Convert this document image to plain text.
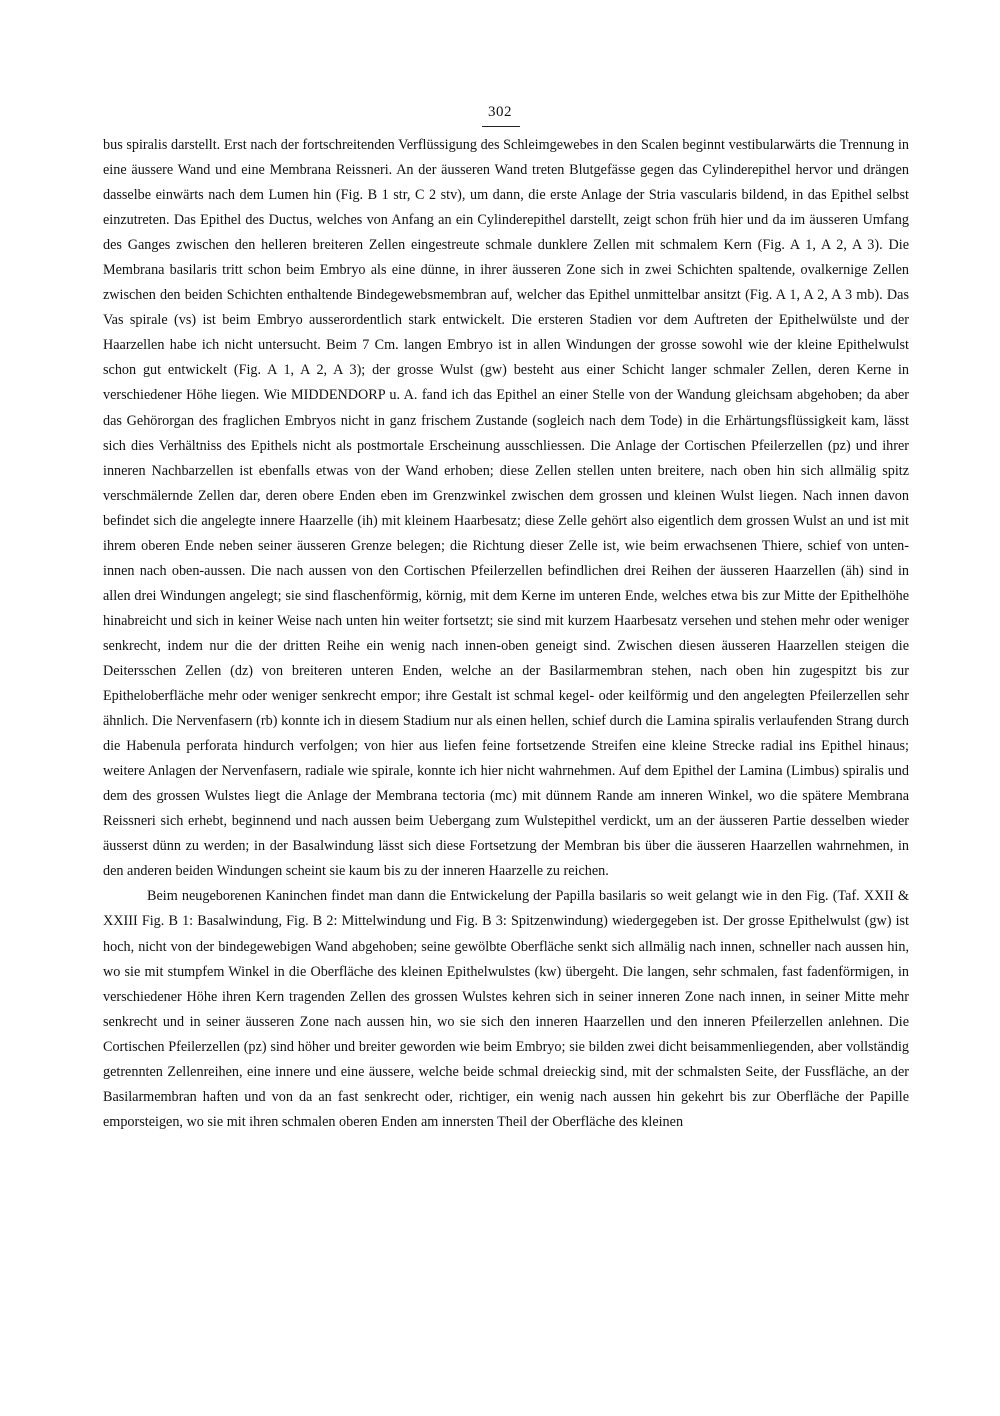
302

bus spiralis darstellt. Erst nach der fortschreitenden Verflüssigung des Schleimgewebes in den Scalen beginnt vestibularwärts die Trennung in eine äussere Wand und eine Membrana Reissneri. An der äusseren Wand treten Blutgefässe gegen das Cylinderepithel hervor und drängen dasselbe einwärts nach dem Lumen hin (Fig. B 1 str, C 2 stv), um dann, die erste Anlage der Stria vascularis bildend, in das Epithel selbst einzutreten. Das Epithel des Ductus, welches von Anfang an ein Cylinderepithel darstellt, zeigt schon früh hier und da im äusseren Umfang des Ganges zwischen den helleren breiteren Zellen eingestreute schmale dunklere Zellen mit schmalem Kern (Fig. A 1, A 2, A 3). Die Membrana basilaris tritt schon beim Embryo als eine dünne, in ihrer äusseren Zone sich in zwei Schichten spaltende, ovalkernige Zellen zwischen den beiden Schichten enthaltende Bindegewebsmembran auf, welcher das Epithel unmittelbar ansitzt (Fig. A 1, A 2, A 3 mb). Das Vas spirale (vs) ist beim Embryo ausserordentlich stark entwickelt. Die ersteren Stadien vor dem Auftreten der Epithelwülste und der Haarzellen habe ich nicht untersucht. Beim 7 Cm. langen Embryo ist in allen Windungen der grosse sowohl wie der kleine Epithelwulst schon gut entwickelt (Fig. A 1, A 2, A 3); der grosse Wulst (gw) besteht aus einer Schicht langer schmaler Zellen, deren Kerne in verschiedener Höhe liegen. Wie MIDDENDORP u. A. fand ich das Epithel an einer Stelle von der Wandung gleichsam abgehoben; da aber das Gehörorgan des fraglichen Embryos nicht in ganz frischem Zustande (sogleich nach dem Tode) in die Erhärtungsflüssigkeit kam, lässt sich dies Verhältniss des Epithels nicht als postmortale Erscheinung ausschliessen. Die Anlage der Cortischen Pfeilerzellen (pz) und ihrer inneren Nachbarzellen ist ebenfalls etwas von der Wand erhoben; diese Zellen stellen unten breitere, nach oben hin sich allmälig spitz verschmälernde Zellen dar, deren obere Enden eben im Grenzwinkel zwischen dem grossen und kleinen Wulst liegen. Nach innen davon befindet sich die angelegte innere Haarzelle (ih) mit kleinem Haarbesatz; diese Zelle gehört also eigentlich dem grossen Wulst an und ist mit ihrem oberen Ende neben seiner äusseren Grenze belegen; die Richtung dieser Zelle ist, wie beim erwachsenen Thiere, schief von unten-innen nach oben-aussen. Die nach aussen von den Cortischen Pfeilerzellen befindlichen drei Reihen der äusseren Haarzellen (äh) sind in allen drei Windungen angelegt; sie sind flaschenförmig, körnig, mit dem Kerne im unteren Ende, welches etwa bis zur Mitte der Epithelhöhe hinabreicht und sich in keiner Weise nach unten hin weiter fortsetzt; sie sind mit kurzem Haarbesatz versehen und stehen mehr oder weniger senkrecht, indem nur die der dritten Reihe ein wenig nach innen-oben geneigt sind. Zwischen diesen äusseren Haarzellen steigen die Deitersschen Zellen (dz) von breiteren unteren Enden, welche an der Basilarmembran stehen, nach oben hin zugespitzt bis zur Epitheloberfläche mehr oder weniger senkrecht empor; ihre Gestalt ist schmal kegel- oder keilförmig und den angelegten Pfeilerzellen sehr ähnlich. Die Nervenfasern (rb) konnte ich in diesem Stadium nur als einen hellen, schief durch die Lamina spiralis verlaufenden Strang durch die Habenula perforata hindurch verfolgen; von hier aus liefen feine fortsetzende Streifen eine kleine Strecke radial ins Epithel hinaus; weitere Anlagen der Nervenfasern, radiale wie spirale, konnte ich hier nicht wahrnehmen. Auf dem Epithel der Lamina (Limbus) spiralis und dem des grossen Wulstes liegt die Anlage der Membrana tectoria (mc) mit dünnem Rande am inneren Winkel, wo die spätere Membrana Reissneri sich erhebt, beginnend und nach aussen beim Uebergang zum Wulstepithel verdickt, um an der äusseren Partie desselben wieder äusserst dünn zu werden; in der Basalwindung lässt sich diese Fortsetzung der Membran bis über die äusseren Haarzellen wahrnehmen, in den anderen beiden Windungen scheint sie kaum bis zu der inneren Haarzelle zu reichen.

Beim neugeborenen Kaninchen findet man dann die Entwickelung der Papilla basilaris so weit gelangt wie in den Fig. (Taf. XXII & XXIII Fig. B 1: Basalwindung, Fig. B 2: Mittelwindung und Fig. B 3: Spitzenwindung) wiedergegeben ist. Der grosse Epithelwulst (gw) ist hoch, nicht von der bindegewebigen Wand abgehoben; seine gewölbte Oberfläche senkt sich allmälig nach innen, schneller nach aussen hin, wo sie mit stumpfem Winkel in die Oberfläche des kleinen Epithelwulstes (kw) übergeht. Die langen, sehr schmalen, fast fadenförmigen, in verschiedener Höhe ihren Kern tragenden Zellen des grossen Wulstes kehren sich in seiner inneren Zone nach innen, in seiner Mitte mehr senkrecht und in seiner äusseren Zone nach aussen hin, wo sie sich den inneren Haarzellen und den inneren Pfeilerzellen anlehnen. Die Cortischen Pfeilerzellen (pz) sind höher und breiter geworden wie beim Embryo; sie bilden zwei dicht beisammenliegenden, aber vollständig getrennten Zellenreihen, eine innere und eine äussere, welche beide schmal dreieckig sind, mit der schmalsten Seite, der Fussfläche, an der Basilarmembran haften und von da an fast senkrecht oder, richtiger, ein wenig nach aussen hin gekehrt bis zur Oberfläche der Papille emporsteigen, wo sie mit ihren schmalen oberen Enden am innersten Theil der Oberfläche des kleinen
